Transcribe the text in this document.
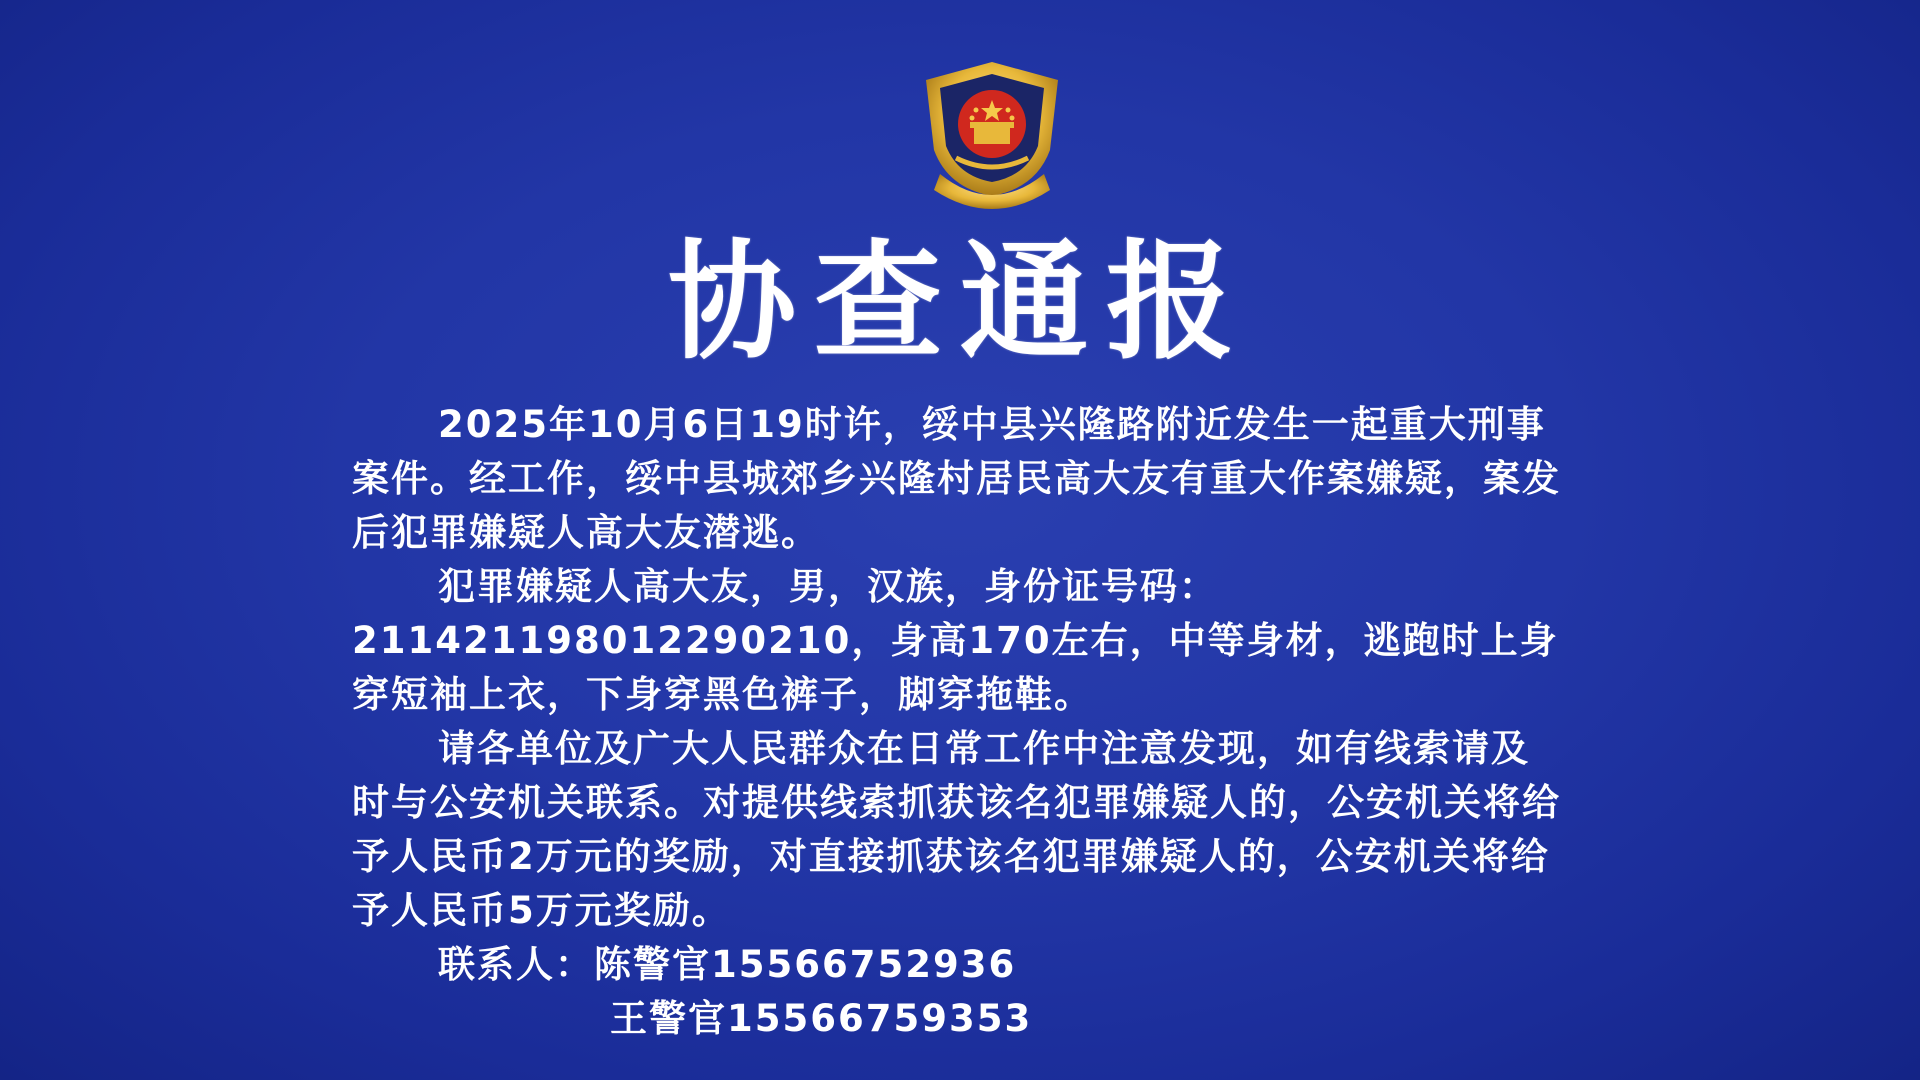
协查通报

2025年10月6日19时许，绥中县兴隆路附近发生一起重大刑事案件。经工作，绥中县城郊乡兴隆村居民高大友有重大作案嫌疑，案发后犯罪嫌疑人高大友潜逃。

犯罪嫌疑人高大友，男，汉族，身份证号码：211421198012290210，身高170左右，中等身材，逃跑时上身穿短袖上衣，下身穿黑色裤子，脚穿拖鞋。

请各单位及广大人民群众在日常工作中注意发现，如有线索请及时与公安机关联系。对提供线索抓获该名犯罪嫌疑人的，公安机关将给予人民币2万元的奖励，对直接抓获该名犯罪嫌疑人的，公安机关将给予人民币5万元奖励。

联系人：陈警官15566752936
王警官15566759353
